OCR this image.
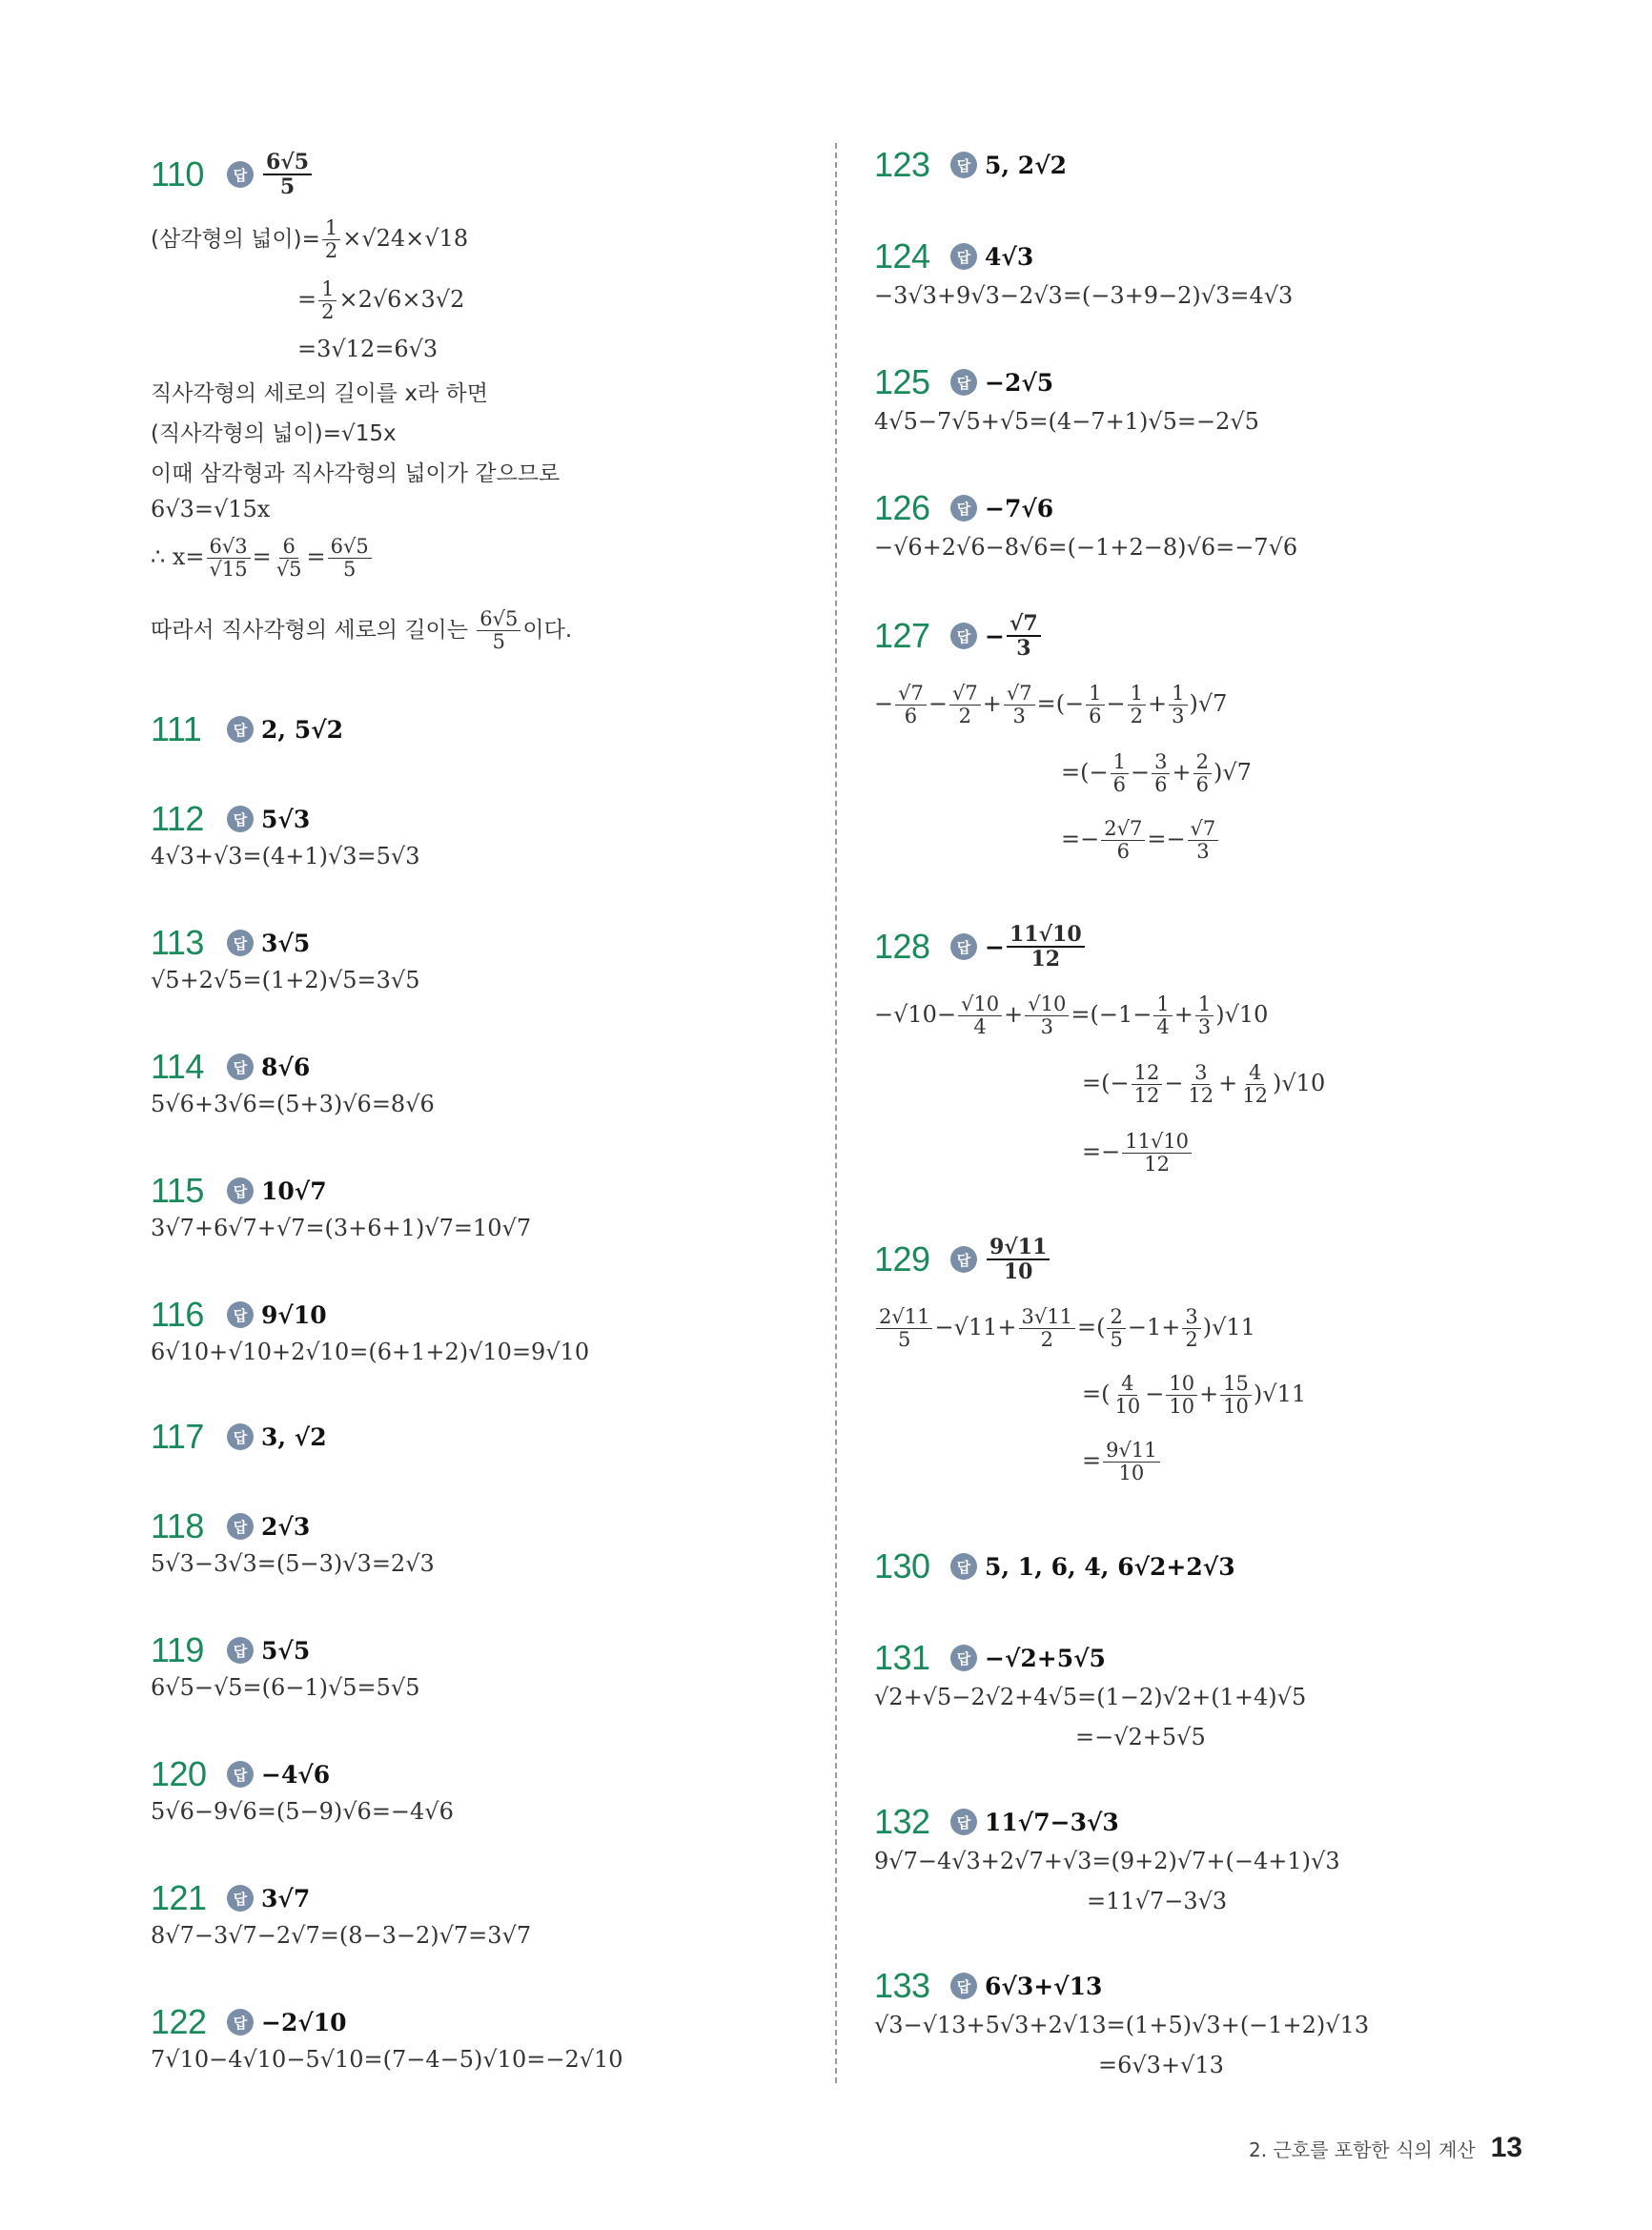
110	답 $\frac{6√5}{5}$
(삼각형의 넓이)= $\frac{1}{2} \times√24\times√18$
= $\frac{1}{2} \times 2√6\times 3√2$
=3√12=6√3
직사각형의 세로의 길이를 x라 하면
(직사각형의 넓이)=√15x
이때 삼각형과 직사각형의 넓이가 같으므로
6√3=√15x
∴ $x= \frac{6√3}{√15} = \frac{6}{√5} = \frac{6√5}{5}$
따라서 직사각형의 세로의 길이는 $\frac{6√5}{5}$ 이다.
111	답 2, 5√2
112	답 5√3
4√3+√3=(4+1)√3=5√3
113	답 3√5
√5+2√5=(1+2)√5=3√5
114	답 8√6
5√6+3√6=(5+3)√6=8√6
115	답 10√7
3√7+6√7+√7=(3+6+1)√7=10√7
116	답 9√10
6√10+√10+2√10=(6+1+2)√10=9√10
117	답 3, √2
118	답 2√3
5√3−3√3=(5−3)√3=2√3
119	답 5√5
6√5−√5=(6−1)√5=5√5
120	답 −4√6
5√6−9√6=(5−9)√6=−4√6
121	답 3√7
8√7−3√7−2√7=(8−3−2)√7=3√7
122	답 −2√10
7√10−4√10−5√10=(7−4−5)√10=−2√10
123	답 5, 2√2
124	답 4√3
−3√3+9√3−2√3=(−3+9−2)√3=4√3
125	답 −2√5
4√5−7√5+√5=(4−7+1)√5=−2√5
126	답 −7√6
−√6+2√6−8√6=(−1+2−8)√6=−7√6
127	답 − $\frac{√7}{3}$
− $\frac{√7}{6} - \frac{√7}{2} + \frac{√7}{3}$ =(− $\frac{1}{6} - \frac{1}{2} + \frac{1}{3} )√7$
=(− $\frac{1}{6} - \frac{3}{6} + \frac{2}{6} )√7$
=− $\frac{2√7}{6} =- \frac{√7}{3}$
128	답 − $\frac{11√10}{12}$
$-√10- \frac{√10}{4} + \frac{√10}{3} =(-1- \frac{1}{4} + \frac{1}{3} )√10$
=(− $\frac{12}{12} - \frac{3}{12} + \frac{4}{12} )√10$
=− $\frac{11√10}{12}$
129	답 $\frac{9√11}{10}$
$\frac{2√11}{5} -√11+ \frac{3√11}{2}$ =( $\frac{2}{5} -1+ \frac{3}{2} )√11$
=( $\frac{4}{10} - \frac{10}{10} + \frac{15}{10} )√11$
= $\frac{9√11}{10}$
130	답 5, 1, 6, 4, 6√2+2√3
131	답 −√2+5√5
√2+√5−2√2+4√5=(1−2)√2+(1+4)√5
=−√2+5√5
132	답 11√7−3√3
9√7−4√3+2√7+√3=(9+2)√7+(−4+1)√3
=11√7−3√3
133	답 6√3+√13
√3−√13+5√3+2√13=(1+5)√3+(−1+2)√13
=6√3+√13
2. 근호를 포함한 식의 계산 13
